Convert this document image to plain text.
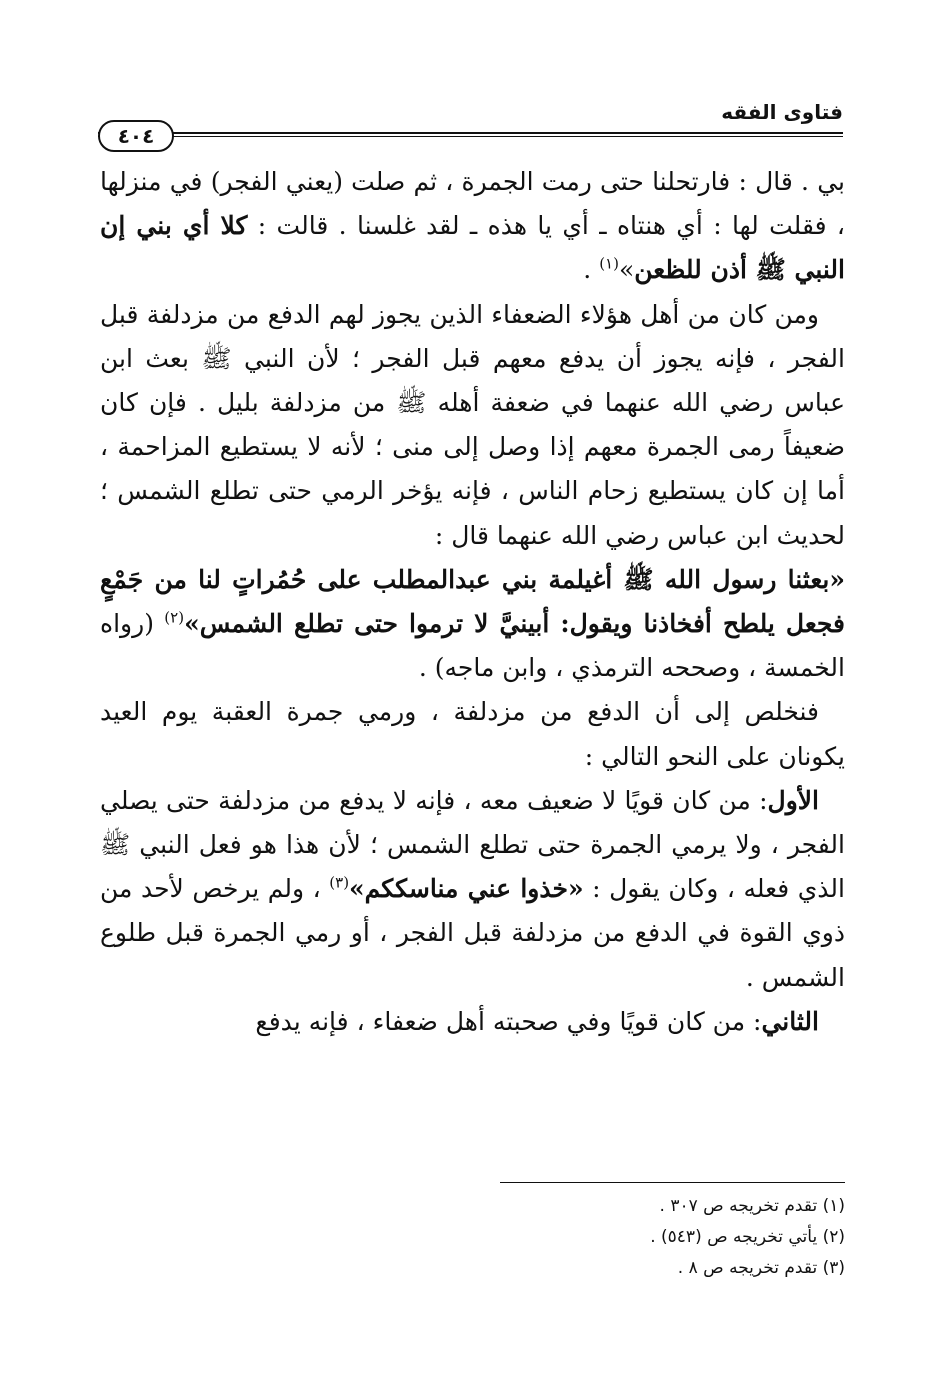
فتاوى الفقه
٤٠٤

بي . قال : فارتحلنا حتى رمت الجمرة ، ثم صلت (يعني الفجر) في منزلها ، فقلت لها : أي هنتاه ـ أي يا هذه ـ لقد غلسنا . قالت : كلا أي بني إن النبي ﷺ أذن للظعن»$^{(١)}$ .

ومن كان من أهل هؤلاء الضعفاء الذين يجوز لهم الدفع من مزدلفة قبل الفجر ، فإنه يجوز أن يدفع معهم قبل الفجر ؛ لأن النبي ﷺ بعث ابن عباس رضي الله عنهما في ضعفة أهله ﷺ من مزدلفة بليل . فإن كان ضعيفاً رمى الجمرة معهم إذا وصل إلى منى ؛ لأنه لا يستطيع المزاحمة ، أما إن كان يستطيع زحام الناس ، فإنه يؤخر الرمي حتى تطلع الشمس ؛ لحديث ابن عباس رضي الله عنهما قال :

«بعثنا رسول الله ﷺ أغيلمة بني عبدالمطلب على حُمُراتٍ لنا من جَمْعٍ فجعل يلطح أفخاذنا ويقول: أبينيَّ لا ترموا حتى تطلع الشمس»$^{(٢)}$ (رواه الخمسة ، وصححه الترمذي ، وابن ماجه) .

فنخلص إلى أن الدفع من مزدلفة ، ورمي جمرة العقبة يوم العيد يكونان على النحو التالي :

الأول: من كان قويًا لا ضعيف معه ، فإنه لا يدفع من مزدلفة حتى يصلي الفجر ، ولا يرمي الجمرة حتى تطلع الشمس ؛ لأن هذا هو فعل النبي ﷺ الذي فعله ، وكان يقول : «خذوا عني مناسككم»$^{(٣)}$ ، ولم يرخص لأحد من ذوي القوة في الدفع من مزدلفة قبل الفجر ، أو رمي الجمرة قبل طلوع الشمس .

الثاني: من كان قويًا وفي صحبته أهل ضعفاء ، فإنه يدفع

(١) تقدم تخريجه ص ٣٠٧ .

(٢) يأتي تخريجه ص (٥٤٣) .

(٣) تقدم تخريجه ص ٨ .
